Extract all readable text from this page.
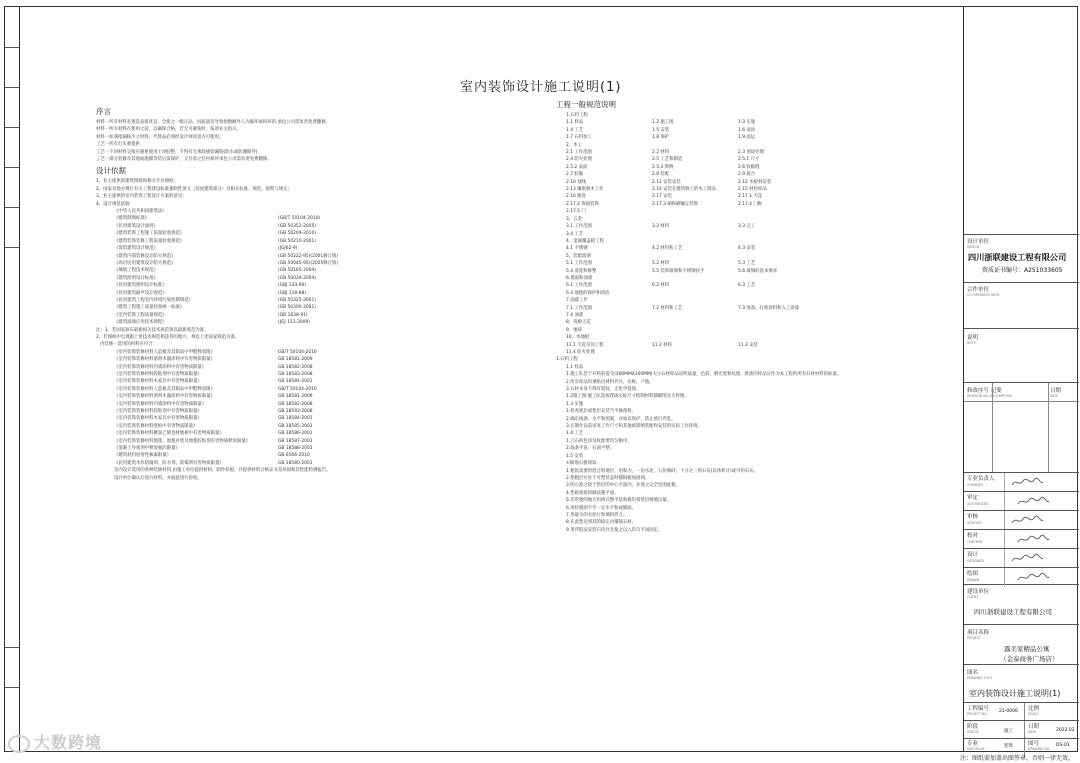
室内装饰设计施工说明(1)
序言
材料一所有材料必须是品质优良，全新之一级正品，因质量差导致指数额外人为破坏或损坏的,承包公司需负责免费翻修。
材料一所有材料在使用之前，以确保合格，若无可避免时，报请业主指示。
材料一如遇指漏缺少之材料，代替品必须经设计师同意方可使用。
工艺一所有灯头要提供
工艺一不同材料交接应避免使用干净胶整，不得有无须政痛留漏缝(防水或防潮除外)
工艺一部分装修及其地面施铺等装后需保护，交付前之任何损坏承包公司需负责免费翻修。
设计依据
1、业主提供的建筑图纸和相关专业图纸；
2、国家及地方现行有关工程建设标准强制性条文（房屋建筑部分）及相关标准、规范、规程与规定；
3、业主提供的室内装饰工程设计方案的意见；
4、设计规范依据：
《中华人民共和国建筑法》
《建筑制图标准》	(GB/T 50104-2010)
《民用建筑设计通则》	(GB 50352-2005)
《建筑装饰工程施工质量验收规范》	(GB 50209-2010)
《建筑装饰装修工程质量验收规范》	(GB 50210-2001)
《饭馆建筑设计规范》	(JGJ62-9)
《建筑内部装修设计防火规范》	(GB 50222-95)(2001修订版)
《高层民用建筑设计防火规范》	(GB 50045-95)(2005修订版)
《城镇工程技术规范》	(GB 50165-2004)
《建筑照明设计标准》	(GB 50034-2004)
《民用建筑照明设计标准》	(GBJ 133-90)
《民用建筑隔声设计规范》	(GBJ 118-88)
《民用建筑工程室内环境污染控制规范》	(GB 50325-2001)
《建筑工程施工质量验收统一标准》	(GB 50300-2001)
《室内装饰工程质量规范》	(QB 1838-91)
《建筑玻璃应用技术规程》	(JGJ 113-2009)
注：1、若国家颁布最新相关技术规范须以最新规范为准。
2、若图纸中出现跟上述技术规范相违背的地方，须以上述国家规范为准。
内装修一选用的材料应符合
《室内装饰装修材料人造板及其制品中甲醛释放限》	GB/T 50104-2010
《室内装饰装修材料溶剂木器涂料中有害物质限量》	GB 18581-2009
《室内装饰装修材料内墙涂料中有害物质限量》	GB 18582-2008
《室内装饰装修材料胶粘剂中有害物质限量》	GB 18583-2008
《室内装饰装修材料木家具中有害物质限量》	GB 18584-2001
《室内装饰装修材料人造板及其制品中甲醛释放限》	GB/T 50104-2010
《室内装饰装修材料溶剂木器涂料中有害物质限量》	GB 18581-2009
《室内装饰装修材料内墙涂料中有害物质限量》	GB 18582-2008
《室内装饰装修材料胶粘剂中有害物质限量》	GB 18583-2008
《室内装饰装修材料木家具中有害物质限量》	GB 18584-2001
《室内装饰装修材料壁纸中有害物质限量》	GB 18585-2001
《室内装饰装修材料聚氯乙烯卷材地板中有害物质限量》	GB 18586-2001
《室内装饰装修材料地毯、地毯衬垫及地毯胶粘剂有害物质释放限量》	GB 18587-2001
《混凝土外加剂中释放氨的限量》	GB 18588-2001
《建筑材料放射性核素限量》	GB 6566-2010
《民用建筑木作防腐剂、防水剂、防霉剂有害物质限量》	GB 18580-2001
室内设计选用的各种装修材料,由施工单位提供材料、制作样板，并提供材料合格证书及环保和其性能检测报告。
设计单位确认后进行材料，并据此进行验收。
工程一般规范说明
1.石料工程
1.1 样品	1.2 施工图	1.3 实施
1.4 工艺	1.5 安装	1.6 清涂
1.7 石料加工	1.8 保护	1.9 面运
2、木工
2.1 工作范围	2.2 材料	2.3 预涂处理
2.4 防火处理	2.5 工艺和制造	2.5.1 尺寸
2.5.2 表面	2.5.3 饰物	2.6 收缩缝
2.7 胶黏	2.8 装配	2.9 接合
2.10 划线	2.11 安装安装	2.12 木板材安装
2.13 镶嵌板木工作	2.14 安装在建筑物上的木工制品	2.15 材料样品
2.16 擦洗	2.17 安装	2.17.1 天花
2.17.2 饰面装饰	2.17.3 刷和刷镶定装饰	2.17.4 门框
2.17.5 门
3、五金
3.1 工作范围	3.2 材料	3.3 完工
3.4 工艺
4、金属覆盖板工程
4.1 不锈钢	4.2 材料和工艺	4.3 安装
5、装配玻璃
5.1 工作范围	5.2 材料	5.3 工艺
5.4 清洗和修整	5.5 装饰玻璃和不锈钢扶手	5.6 玻璃的基本要求
6.墙面和油漆
6.1 工作范围	6.2 材料	6.3 工艺
6.4 地毯的保护和清洁
7.油漆工作
7.1 工作范围	7.2 材料和工艺	7.3 准备、打底涂料和入工涂漆
7.4 油漆
8、筏板天花
9、地砖
10、木地板
11.1 天花吊顶工程	11.2 材料	11.3 安装
11.4 防火处理
1.石料工程
1.1 样品
1.施工队若于开料前提交(300MMX300MM)大小石材样品说明质量，色彩，磨光度和纹理，批准的样品应作为本工程的所有石材材料的标准。
2.所有样品均须贴出材料代号，名称，产地。
3.石材本身不得有裂纹，无化学侵蚀。
1.2施工图:施工队需按现场实际尺寸绘制材料铺砌图及大样图。
1.3 实施
1.检查底层或垫层安装当平修预检。
2.确定线条，水平和图案，并加以保护，防止被行弄乱。
3.在制作以前审查工作尺寸和其他被影响装配和安装的实际工作环境。
1.4 工艺
1.云石的色泽及纹理要均匀顺序。
2.线条平直，石面平整。
1.5 安装
①铺地石板须知：
1.粗饭需要的混合料地层，用和为，一份水泥，五份细砂，十分之一熟石灰(以体积计)或可用石灰。
2.垫粗层应处于可塑状态时铺钢板加固网。
3.阴心准之接于垫层的中心平面内，并使之完全包围此板。
4.垫板密接的做法施平面。
5.非常要的地方用两式整平基和板均将垫层统地压紧。
6.用样板刮平至一定水平和或铺面。
7.用最少的水泥行和填料拌合。
8.在此垫达到其的稳定由铺铺石材。
9.用浮胶法安装石块并且使之以入均匀平固固定。
设计单位
DESIGN
四川浙联建设工程有限公司
资质证书编号：A251033605
合作单位
CO-OPERATED WITH
说明
NOTE
修改序号 记要
REVISION NO. DESCRIPTION
日期
DATE
建设单位
CLIENT
四川浙联建设工程有限公司
项目名称
PROJECT
露美家精品公寓
（金泰商务广场店）
图名
DRAWING TITLE
室内装饰设计施工说明(1)
工程编号
PROJECT NO.	21-0006 比例
SCALE
阶段
STATUS	施工
日期
DATE	2022.02
专业
DISCIPLINE	装饰	图号
DRAWING NO.
DS-01
专业负责人
CHARGED
审定
AUTHORIZED
审核
VERIFIED
校对
CHECKED
设计
DESIGNED
绘图
DRAWN
大数跨境
注：图纸需加盖出图签章，否则一律无效。
